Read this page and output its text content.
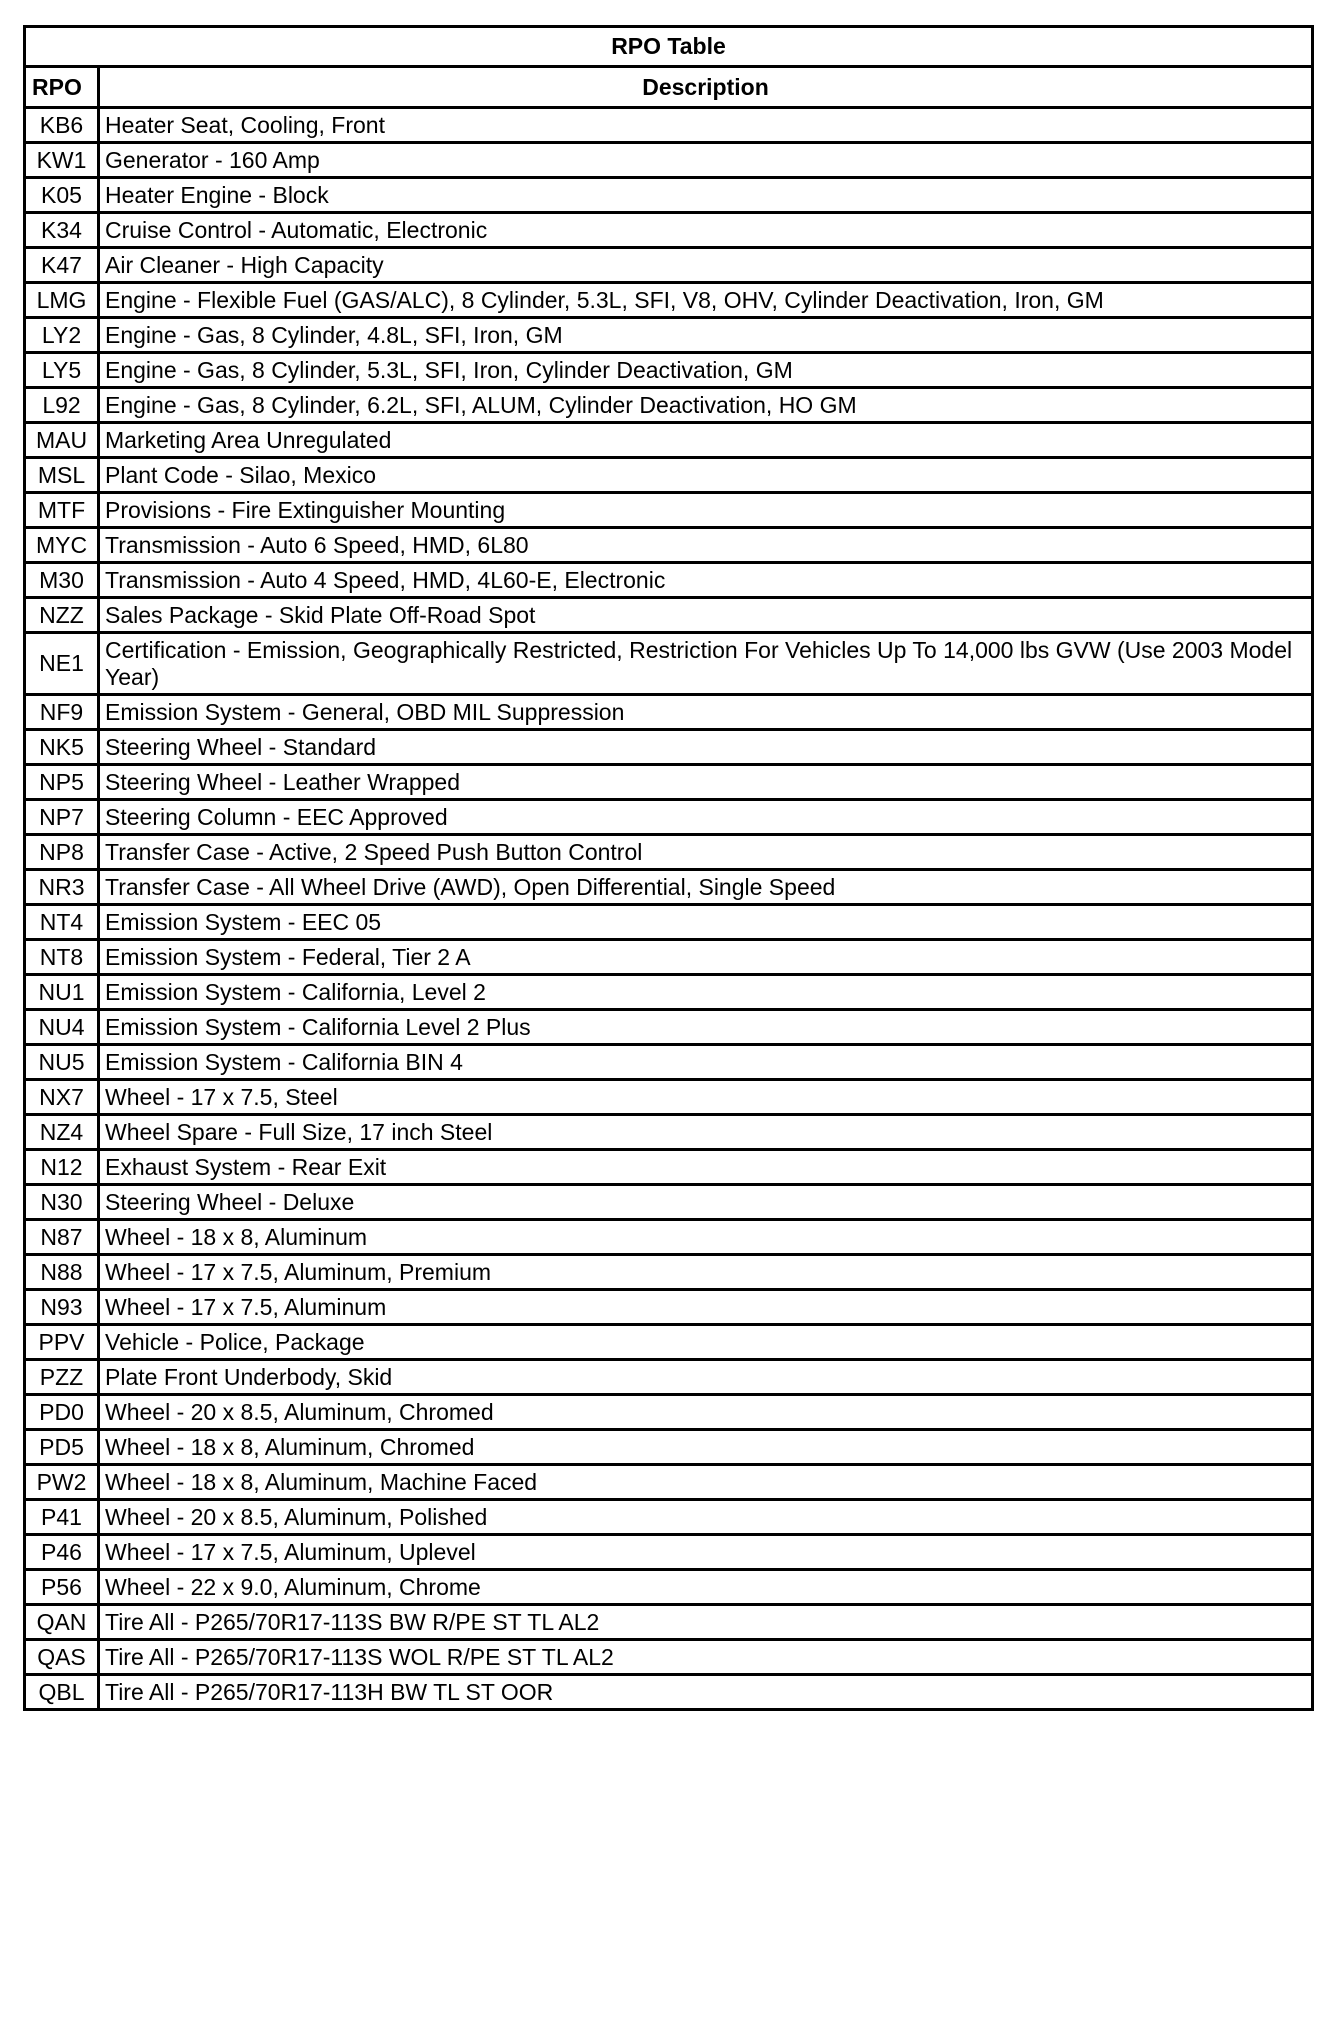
RPO Table	
RPO	Description
KB6	Heater Seat, Cooling, Front
KW1	Generator - 160 Amp
K05	Heater Engine - Block
K34	Cruise Control - Automatic, Electronic
K47	Air Cleaner - High Capacity
LMG	Engine - Flexible Fuel (GAS/ALC), 8 Cylinder, 5.3L, SFI, V8, OHV, Cylinder Deactivation, Iron, GM
LY2	Engine - Gas, 8 Cylinder, 4.8L, SFI, Iron, GM
LY5	Engine - Gas, 8 Cylinder, 5.3L, SFI, Iron, Cylinder Deactivation, GM
L92	Engine - Gas, 8 Cylinder, 6.2L, SFI, ALUM, Cylinder Deactivation, HO GM
MAU	Marketing Area Unregulated
MSL	Plant Code - Silao, Mexico
MTF	Provisions - Fire Extinguisher Mounting
MYC	Transmission - Auto 6 Speed, HMD, 6L80
M30	Transmission - Auto 4 Speed, HMD, 4L60-E, Electronic
NZZ	Sales Package - Skid Plate Off-Road Spot
NE1	Certification - Emission, Geographically Restricted, Restriction For Vehicles Up To 14,000 lbs GVW (Use 2003 Model Year)
NF9	Emission System - General, OBD MIL Suppression
NK5	Steering Wheel - Standard
NP5	Steering Wheel - Leather Wrapped
NP7	Steering Column - EEC Approved
NP8	Transfer Case - Active, 2 Speed Push Button Control
NR3	Transfer Case - All Wheel Drive (AWD), Open Differential, Single Speed
NT4	Emission System - EEC 05
NT8	Emission System - Federal, Tier 2 A
NU1	Emission System - California, Level 2
NU4	Emission System - California Level 2 Plus
NU5	Emission System - California BIN 4
NX7	Wheel - 17 x 7.5, Steel
NZ4	Wheel Spare - Full Size, 17 inch Steel
N12	Exhaust System - Rear Exit
N30	Steering Wheel - Deluxe
N87	Wheel - 18 x 8, Aluminum
N88	Wheel - 17 x 7.5, Aluminum, Premium
N93	Wheel - 17 x 7.5, Aluminum
PPV	Vehicle - Police, Package
PZZ	Plate Front Underbody, Skid
PD0	Wheel - 20 x 8.5, Aluminum, Chromed
PD5	Wheel - 18 x 8, Aluminum, Chromed
PW2	Wheel - 18 x 8, Aluminum, Machine Faced
P41	Wheel - 20 x 8.5, Aluminum, Polished
P46	Wheel - 17 x 7.5, Aluminum, Uplevel
P56	Wheel - 22 x 9.0, Aluminum, Chrome
QAN	Tire All - P265/70R17-113S BW R/PE ST TL AL2
QAS	Tire All - P265/70R17-113S WOL R/PE ST TL AL2
QBL	Tire All - P265/70R17-113H BW TL ST OOR
